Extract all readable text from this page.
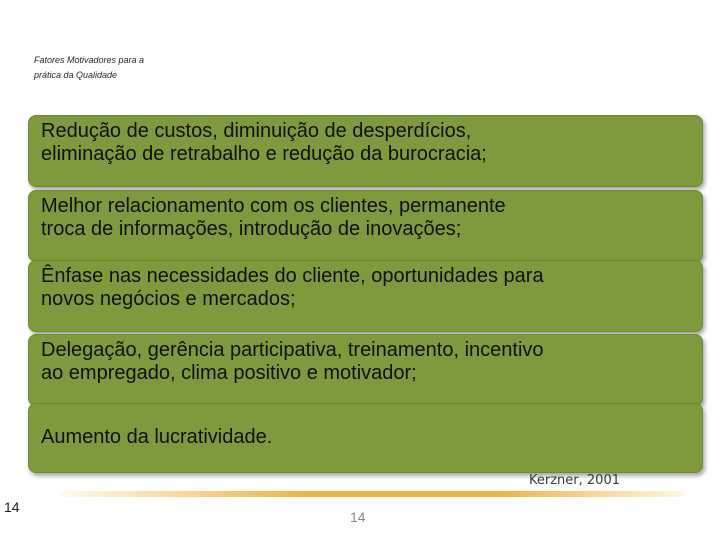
Fatores Motivadores para a
prática da Qualidade
Redução de custos, diminuição de desperdícios,
eliminação de retrabalho e redução da burocracia;
Melhor relacionamento com os clientes, permanente
troca de informações, introdução de inovações;
Ênfase nas necessidades do cliente, oportunidades para
novos negócios e mercados;
Delegação, gerência participativa, treinamento, incentivo
ao empregado, clima positivo e motivador;
Aumento da lucratividade.
Kerzner, 2001
14
14
